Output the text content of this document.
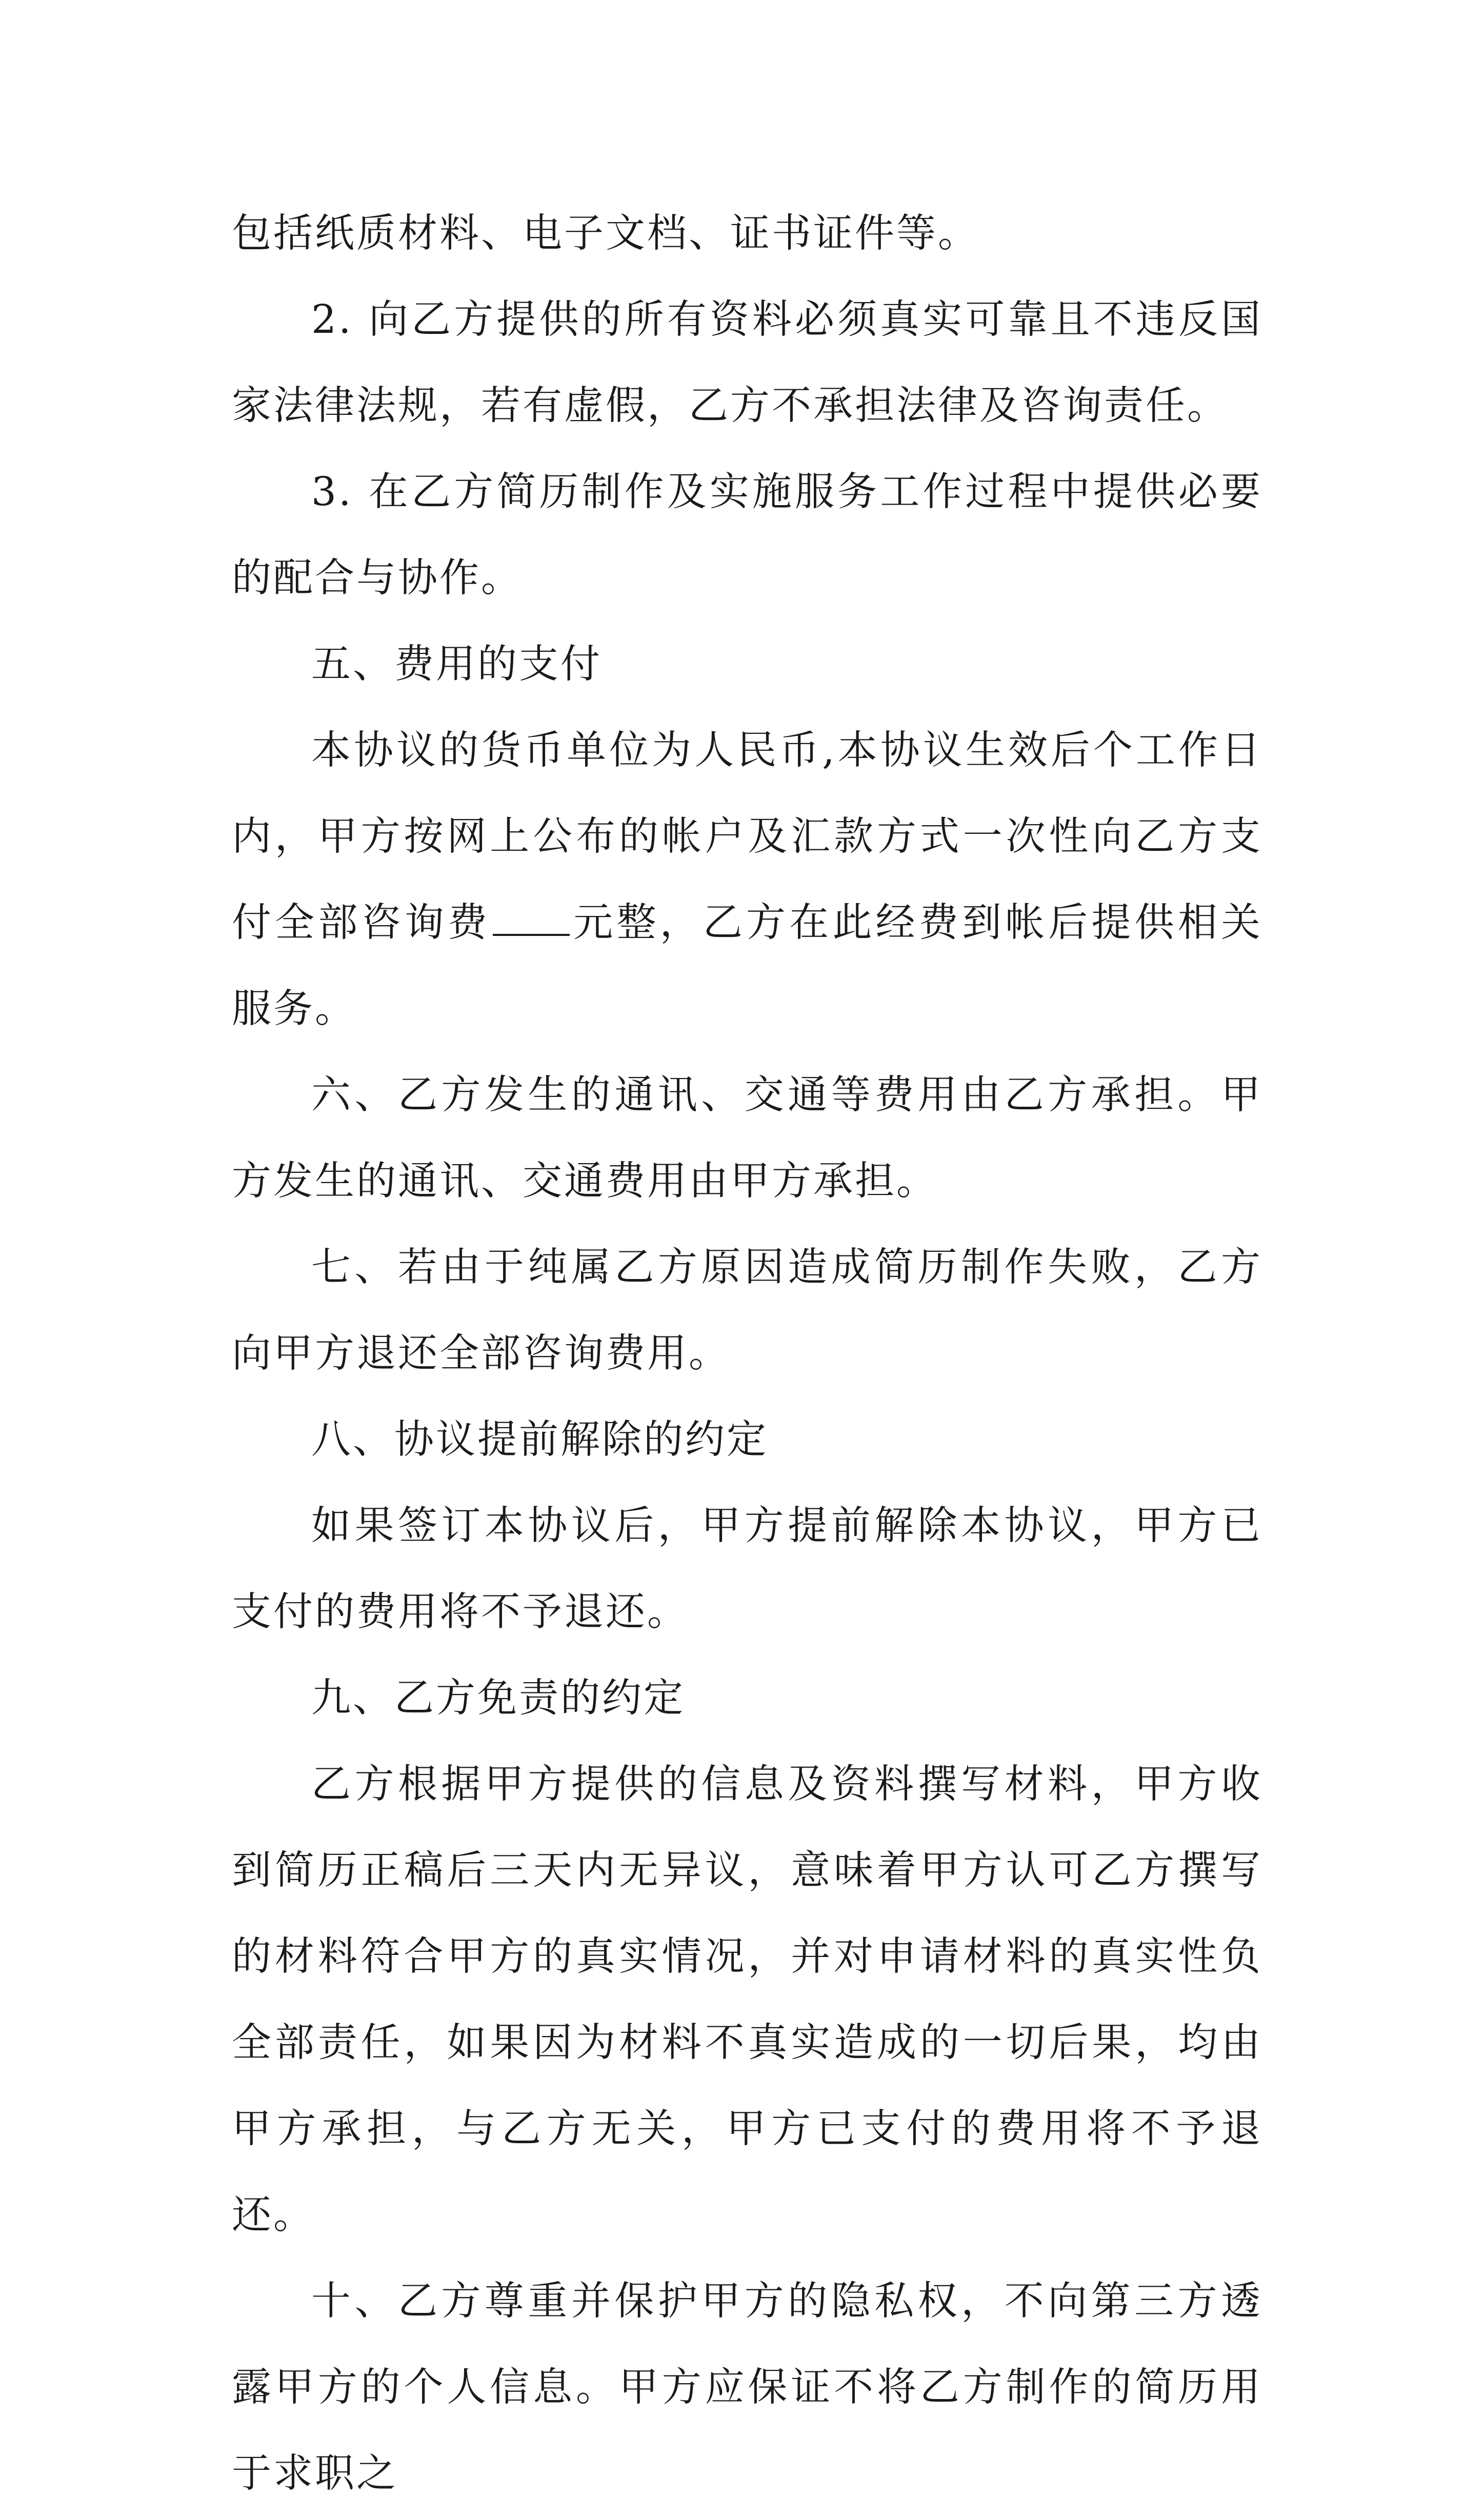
包括纸质材料、电子文档、证书证件等。

2. 向乙方提供的所有资料必须真实可靠且不违反国家法律法规，若有虚假，乙方不承担法律及咨询责任。

3. 在乙方简历制作及实施服务工作过程中提供必要的配合与协作。

五、费用的支付

本协议的货币单位为人民币,本协议生效后个工作日内，甲方按网上公布的帐户及汇款方式一次性向乙方支付全部咨询费 元整，乙方在此经费到帐后提供相关服务。

六、乙方发生的通讯、交通等费用由乙方承担。甲方发生的通讯、交通费用由甲方承担。

七、若由于纯属乙方原因造成简历制作失败，乙方向甲方退还全部咨询费用。

八、协议提前解除的约定

如果签订本协议后，甲方提前解除本协议，甲方已支付的费用将不予退还。

九、乙方免责的约定

乙方根据甲方提供的信息及资料撰写材料，甲方收到简历正稿后三天内无异议，意味着甲方认可乙方撰写的材料符合甲方的真实情况，并对申请材料的真实性负全部责任，如果因为材料不真实造成的一切后果，均由甲方承担，与乙方无关，甲方已支付的费用将不予退还。

十、乙方尊重并保护甲方的隐私权，不向第三方透露甲方的个人信息。甲方应保证不将乙方制作的简历用于求职之
